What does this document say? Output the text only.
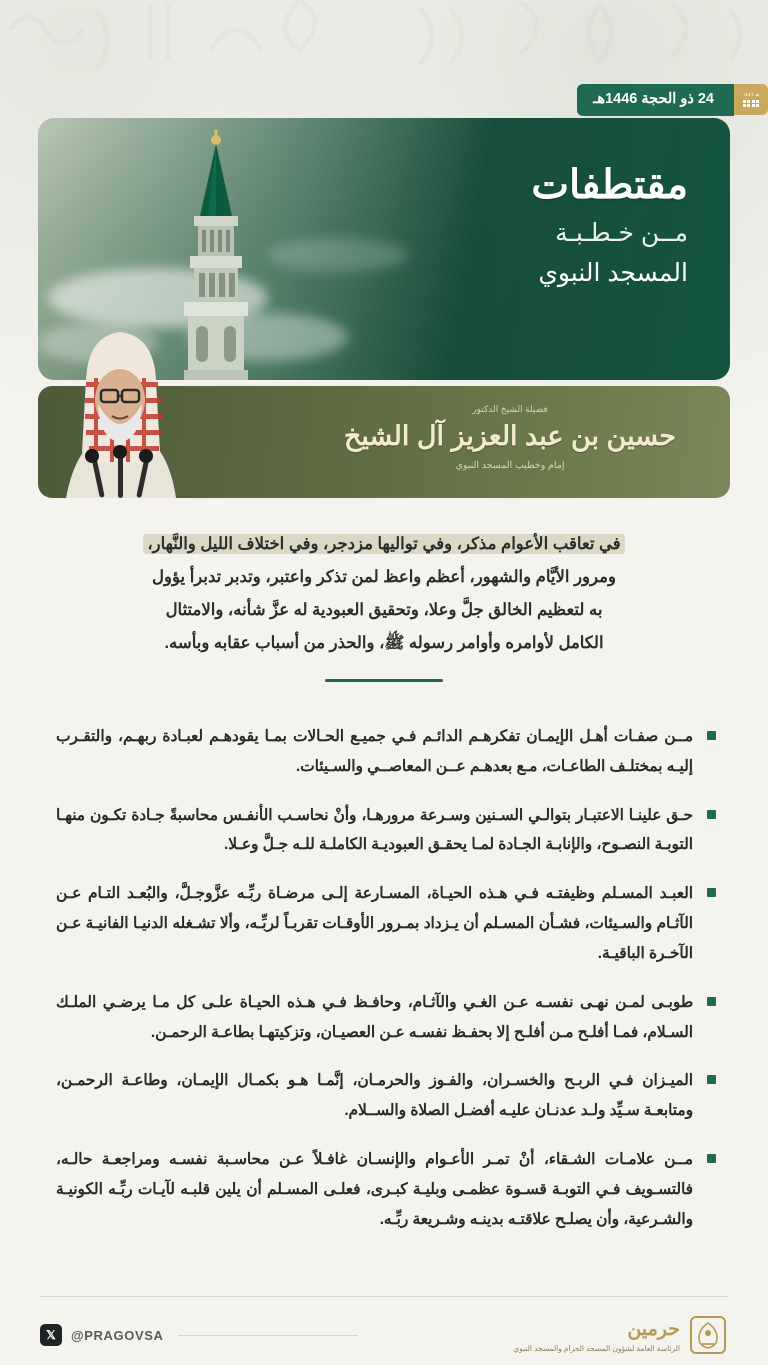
هـ ١٤٤٦
24 ذو الحجة 1446هـ
مقتطفات
مــن خـطـبـة
المسجد النبوي
فضيلة الشيخ الدكتور
حسين بن عبد العزيز آل الشيخ
إمام وخطيب المسجد النبوي
في تعاقب الأعوام مذكر، وفي تواليها مزدجر، وفي اختلاف الليل والنَّهار،
ومرور الأيَّام والشهور، أعظم واعظ لمن تذكر واعتبر، وتدبر تدبرأ يؤول
به لتعظيم الخالق جلَّ وعلا، وتحقيق العبودية له عزَّ شأنه، والامتثال
الكامل لأوامره وأوامر رسوله ﷺ، والحذر من أسباب عقابه وبأسه.
مــن صفـات أهـل الإيمـان تفكرهـم الدائـم فـي جميـع الحـالات بمـا يقودهـم لعبـادة ربهـم، والتقـرب إليـه بمختلـف الطاعـات، مـع بعدهـم عــن المعاصــي والسـيئات.
حـق علينـا الاعتبـار بتوالـي السـنين وسـرعة مرورهـا، وأنْ نحاسـب الأنفـس محاسبةً جـادة تكـون منهـا التوبـة النصـوح، والإنابـة الجـادة لمـا يحقـق العبوديـة الكاملـة للـه جـلَّ وعـلا.
العبـد المسـلم وظيفتـه فـي هـذه الحيـاة، المسـارعة إلـى مرضـاة ربِّـه عزَّوجـلَّ، والبُعـد التـام عـن الآثـام والسـيئات، فشـأن المسـلم أن يـزداد بمـرور الأوقـات تقربـاً لربِّـه، وألا تشـغله الدنيـا الفانيـة عـن الآخـرة الباقيـة.
طوبـى لمـن نهـى نفسـه عـن الغـي والآثـام، وحافـظ فـي هـذه الحيـاة علـى كل مـا يرضـي الملـك السـلام، فمـا أفلـح مـن أفلـح إلا بحفـظ نفسـه عـن العصيـان، وتزكيتهـا بطاعـة الرحمـن.
الميـزان فـي الربـح والخسـران، والفـوز والحرمـان، إنَّمـا هـو بكمـال الإيمـان، وطاعـة الرحمـن، ومتابعـة سـيِّد ولـد عدنـان عليـه أفضـل الصلاة والســلام.
مــن علامـات الشـقاء، أنْ تمـر الأعـوام والإنسـان غافـلاً عـن محاسـبة نفسـه ومراجعـة حالـه، فالتسـويف فـي التوبـة قسـوة عظمـى وبليـة كبـرى، فعلـى المسـلم أن يلين قلبـه لآيـات ربِّـه الكونيـة والشـرعية، وأن يصلـح علاقتـه بدينـه وشـريعة ربِّـه.
𝕏	@PRAGOVSA	حرمين
الرئاسة العامة لشؤون المسجد الحرام والمسجد النبوي
